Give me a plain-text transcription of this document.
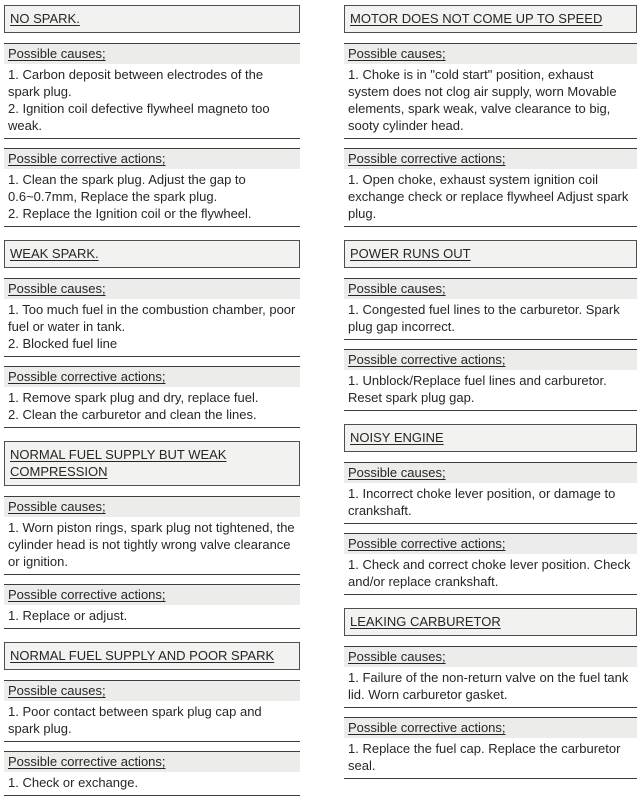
NO SPARK.
Possible causes;
1. Carbon deposit between electrodes of the spark plug.
2. Ignition coil defective flywheel magneto too weak.
Possible corrective actions;
1. Clean the spark plug. Adjust the gap to 0.6~0.7mm, Replace the spark plug.
2. Replace the Ignition coil or the flywheel.
WEAK SPARK.
Possible causes;
1. Too much fuel in the combustion chamber, poor fuel or water in tank.
2. Blocked fuel line
Possible corrective actions;
1. Remove spark plug and dry, replace fuel.
2. Clean the carburetor and clean the lines.
NORMAL FUEL SUPPLY BUT WEAK COMPRESSION
Possible causes;
1. Worn piston rings, spark plug not tightened, the cylinder head is not tightly wrong valve clearance or ignition.
Possible corrective actions;
1. Replace or adjust.
NORMAL FUEL SUPPLY AND POOR SPARK
Possible causes;
1. Poor contact between spark plug cap and spark plug.
Possible corrective actions;
1. Check or exchange.
MOTOR DOES NOT COME UP TO SPEED
Possible causes;
1. Choke is in "cold start" position, exhaust system does not clog air supply, worn Movable elements, spark weak, valve clearance to big, sooty cylinder head.
Possible corrective actions;
1. Open choke, exhaust system ignition coil exchange check or replace flywheel Adjust spark plug.
POWER RUNS OUT
Possible causes;
1. Congested fuel lines to the carburetor. Spark plug gap incorrect.
Possible corrective actions;
1. Unblock/Replace fuel lines and carburetor. Reset spark plug gap.
NOISY ENGINE
Possible causes;
1. Incorrect choke lever position, or damage to crankshaft.
Possible corrective actions;
1. Check and correct choke lever position. Check and/or replace crankshaft.
LEAKING CARBURETOR
Possible causes;
1. Failure of the non-return valve on the fuel tank lid. Worn carburetor gasket.
Possible corrective actions;
1. Replace the fuel cap. Replace the carburetor seal.
